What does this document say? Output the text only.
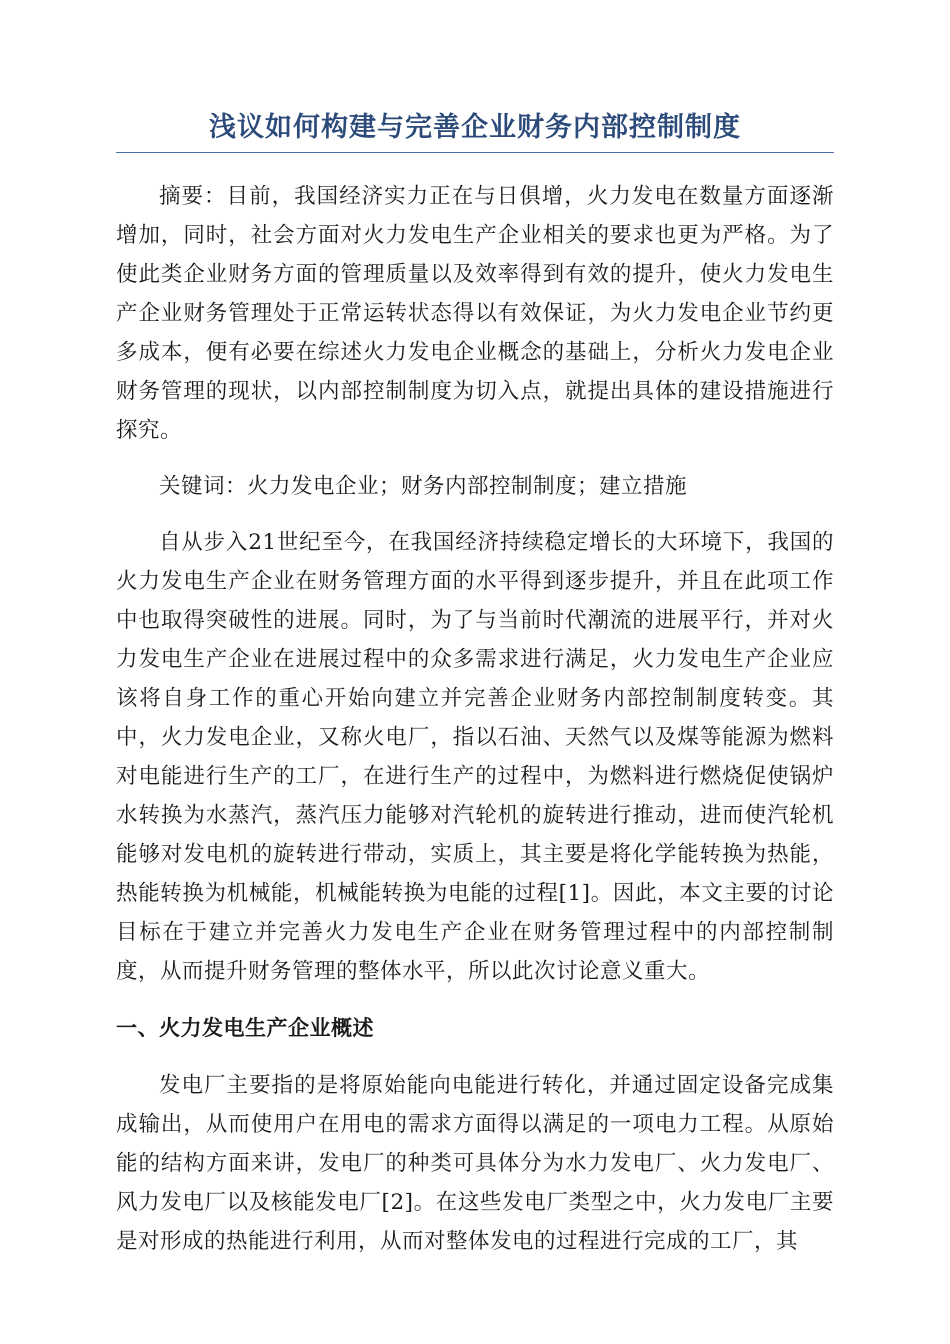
浅议如何构建与完善企业财务内部控制制度

摘要：目前，我国经济实力正在与日俱增，火力发电在数量方面逐渐增加，同时，社会方面对火力发电生产企业相关的要求也更为严格。为了使此类企业财务方面的管理质量以及效率得到有效的提升，使火力发电生产企业财务管理处于正常运转状态得以有效保证，为火力发电企业节约更多成本，便有必要在综述火力发电企业概念的基础上，分析火力发电企业财务管理的现状，以内部控制制度为切入点，就提出具体的建设措施进行探究。

关键词：火力发电企业；财务内部控制制度；建立措施

自从步入21世纪至今，在我国经济持续稳定增长的大环境下，我国的火力发电生产企业在财务管理方面的水平得到逐步提升，并且在此项工作中也取得突破性的进展。同时，为了与当前时代潮流的进展平行，并对火力发电生产企业在进展过程中的众多需求进行满足，火力发电生产企业应该将自身工作的重心开始向建立并完善企业财务内部控制制度转变。其中，火力发电企业，又称火电厂，指以石油、天然气以及煤等能源为燃料对电能进行生产的工厂，在进行生产的过程中，为燃料进行燃烧促使锅炉水转换为水蒸汽，蒸汽压力能够对汽轮机的旋转进行推动，进而使汽轮机能够对发电机的旋转进行带动，实质上，其主要是将化学能转换为热能，热能转换为机械能，机械能转换为电能的过程[1]。因此，本文主要的讨论目标在于建立并完善火力发电生产企业在财务管理过程中的内部控制制度，从而提升财务管理的整体水平，所以此次讨论意义重大。

一、火力发电生产企业概述

发电厂主要指的是将原始能向电能进行转化，并通过固定设备完成集成输出，从而使用户在用电的需求方面得以满足的一项电力工程。从原始能的结构方面来讲，发电厂的种类可具体分为水力发电厂、火力发电厂、风力发电厂以及核能发电厂[2]。在这些发电厂类型之中，火力发电厂主要是对形成的热能进行利用，从而对整体发电的过程进行完成的工厂，其
